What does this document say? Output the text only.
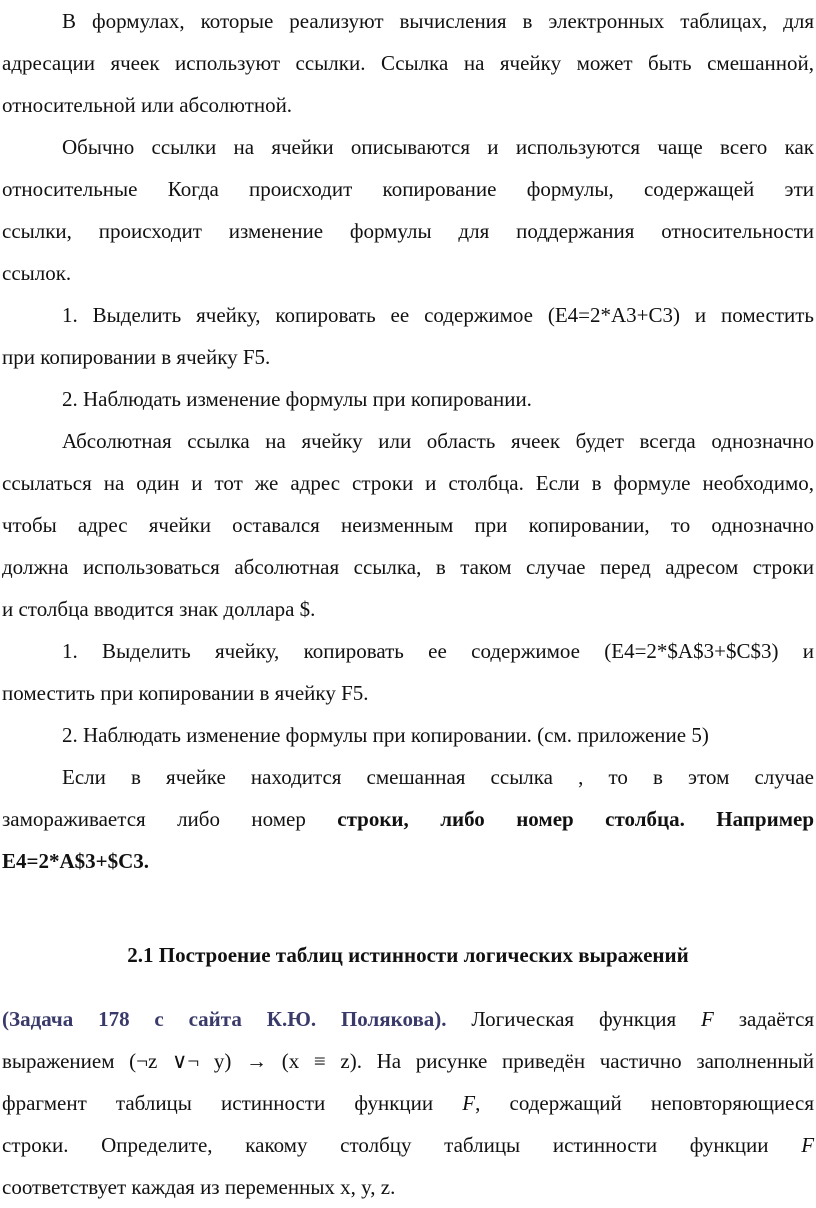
В формулах, которые реализуют вычисления в электронных таблицах, для
адресации ячеек используют ссылки. Ссылка на ячейку может быть смешанной,
относительной или абсолютной.
Обычно ссылки на ячейки описываются и используются чаще всего как
относительные Когда происходит копирование формулы, содержащей эти
ссылки, происходит изменение формулы для поддержания относительности
ссылок.
1. Выделить ячейку, копировать ее содержимое (E4=2*A3+C3) и поместить
при копировании в ячейку F5.
2. Наблюдать изменение формулы при копировании.
Абсолютная ссылка на ячейку или область ячеек будет всегда однозначно
ссылаться на один и тот же адрес строки и столбца. Если в формуле необходимо,
чтобы адрес ячейки оставался неизменным при копировании, то однозначно
должна использоваться абсолютная ссылка, в таком случае перед адресом строки
и столбца вводится знак доллара $.
1. Выделить ячейку, копировать ее содержимое (E4=2*$A$3+$C$3) и
поместить при копировании в ячейку F5.
2. Наблюдать изменение формулы при копировании. (см. приложение 5)
Если в ячейке находится смешанная ссылка , то в этом случае
замораживается либо номер строки, либо номер столбца. Например
E4=2*A$3+$C3.
2.1 Построение таблиц истинности логических выражений
(Задача 178 с сайта К.Ю. Полякова). Логическая функция F задаётся
выражением (¬z ∨¬ y) → (x ≡ z). На рисунке приведён частично заполненный
фрагмент таблицы истинности функции F, содержащий неповторяющиеся
строки. Определите, какому столбцу таблицы истинности функции F
соответствует каждая из переменных x, y, z.
